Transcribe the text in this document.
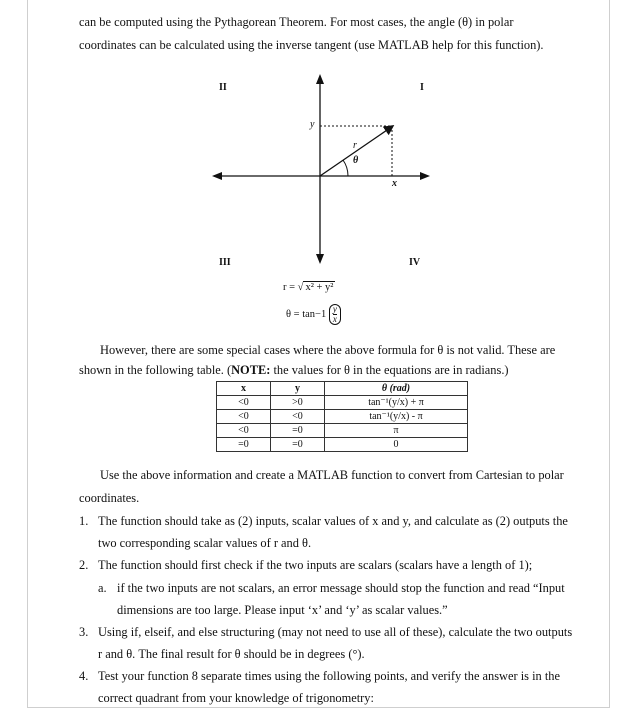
can be computed using the Pythagorean Theorem. For most cases, the angle (θ) in polar
coordinates can be calculated using the inverse tangent (use MATLAB help for this function).
II	I
III	IV
y
x
r
θ
r = √ x² + y²
$\theta = \tan-1 \frac{y}{x}$
However, there are some special cases where the above formula for θ is not valid. These are
shown in the following table. (NOTE: the values for θ in the equations are in radians.)
x	y	θ (rad)
<0	>0	tan⁻¹(y/x) + π
<0	<0	tan⁻¹(y/x) - π
<0	=0	π
=0	=0	0
Use the above information and create a MATLAB function to convert from Cartesian to polar
coordinates.
1. The function should take as (2) inputs, scalar values of x and y, and calculate as (2) outputs the
two corresponding scalar values of r and θ.
2. The function should first check if the two inputs are scalars (scalars have a length of 1);
a. if the two inputs are not scalars, an error message should stop the function and read “Input
dimensions are too large. Please input ‘x’ and ‘y’ as scalar values.”
3. Using if, elseif, and else structuring (may not need to use all of these), calculate the two outputs
r and θ. The final result for θ should be in degrees (°).
4. Test your function 8 separate times using the following points, and verify the answer is in the
correct quadrant from your knowledge of trigonometry:
